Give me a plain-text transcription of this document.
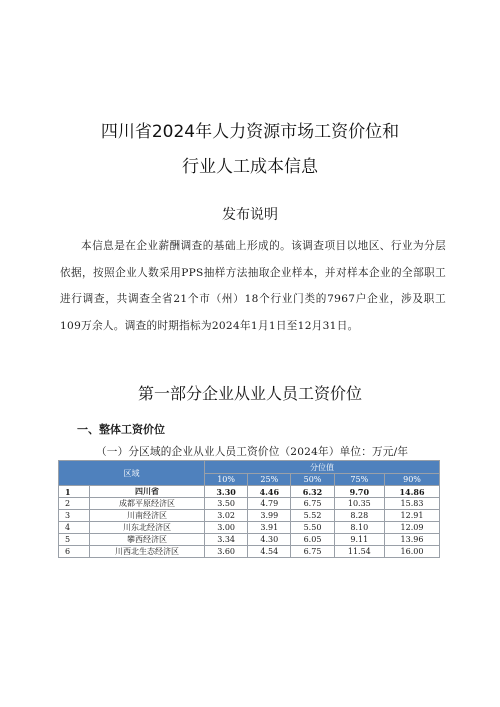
四川省2024年人力资源市场工资价位和
行业人工成本信息
发布说明
本信息是在企业薪酬调查的基础上形成的。该调查项目以地区、行业为分层依据，按照企业人数采用PPS抽样方法抽取企业样本，并对样本企业的全部职工进行调查，共调查全省21个市（州）18个行业门类的7967户企业，涉及职工109万余人。调查的时期指标为2024年1月1日至12月31日。
第一部分企业从业人员工资价位
一、整体工资价位
（一）分区域的企业从业人员工资价位（2024年）单位：万元/年
区域		分位值				
		10%	25%	50%	75%	90%
1	四川省	3.30	4.46	6.32	9.70	14.86
2	成都平原经济区	3.50	4.79	6.75	10.35	15.83
3	川南经济区	3.02	3.99	5.52	8.28	12.91
4	川东北经济区	3.00	3.91	5.50	8.10	12.09
5	攀西经济区	3.34	4.30	6.05	9.11	13.96
6	川西北生态经济区	3.60	4.54	6.75	11.54	16.00
